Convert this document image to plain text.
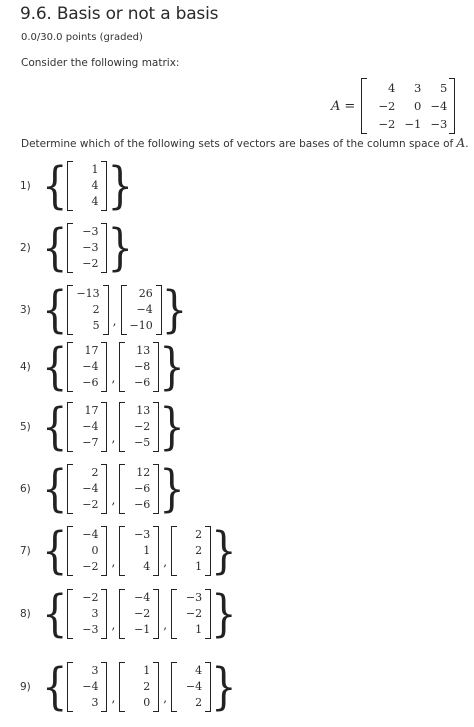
9.6. Basis or not a basis
0.0/30.0 points (graded)
Consider the following matrix:
A =
4	3	5
−2	0 −4
−2 −1 −3
Determine which of the following sets of vectors are bases of the column space of A.
1) {	1
4
4 }
2) {	−3
−3
−2 }
3) { −13
2
5 ,
26
−4
−10 }
4) {	17
−4
−6 ,
13
−8
−6 }
5) {	17
−4
−7 ,
13
−2
−5 }
6) {	2
−4
−2 ,
12
−6
−6 }
7) {	−4
0
−2 ,
−3
1
4 ,
2
2
1 }
8) {	−2
3
−3 ,
−4
−2
−1 ,
−3
−2
1 }
9) {	3
−4
3 ,
1
2
0 ,
4
−4
2 }
